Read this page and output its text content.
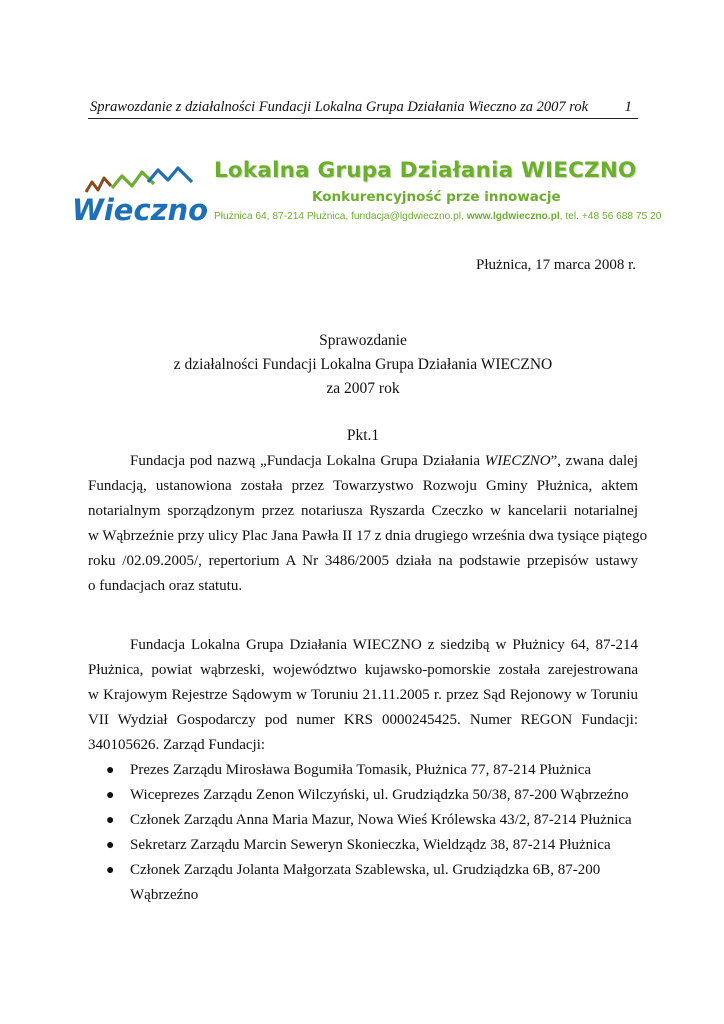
Sprawozdanie z działalności Fundacji Lokalna Grupa Działania Wieczno za 2007 rok 1
Wieczno
Lokalna Grupa Działania WIECZNO
Konkurencyjność prze innowacje
Płużnica 64, 87-214 Płużnica, fundacja@lgdwieczno.pl, www.lgdwieczno.pl, tel. +48 56 688 75 20
Płużnica, 17 marca 2008 r.
Sprawozdanie
z działalności Fundacji Lokalna Grupa Działania WIECZNO
za 2007 rok
Pkt.1
Fundacja pod nazwą „Fundacja Lokalna Grupa Działania WIECZNO”, zwana dalej
Fundacją, ustanowiona została przez Towarzystwo Rozwoju Gminy Płużnica, aktem
notarialnym sporządzonym przez notariusza Ryszarda Czeczko w kancelarii notarialnej
w Wąbrzeźnie przy ulicy Plac Jana Pawła II 17 z dnia drugiego września dwa tysiące piątego
roku /02.09.2005/, repertorium A Nr 3486/2005 działa na podstawie przepisów ustawy
o fundacjach oraz statutu.
Fundacja Lokalna Grupa Działania WIECZNO z siedzibą w Płużnicy 64, 87-214
Płużnica, powiat wąbrzeski, województwo kujawsko-pomorskie została zarejestrowana
w Krajowym Rejestrze Sądowym w Toruniu 21.11.2005 r. przez Sąd Rejonowy w Toruniu
VII Wydział Gospodarczy pod numer KRS 0000245425. Numer REGON Fundacji:
340105626. Zarząd Fundacji:
● Prezes Zarządu Mirosława Bogumiła Tomasik, Płużnica 77, 87-214 Płużnica
● Wiceprezes Zarządu Zenon Wilczyński, ul. Grudziądzka 50/38, 87-200 Wąbrzeźno
● Członek Zarządu Anna Maria Mazur, Nowa Wieś Królewska 43/2, 87-214 Płużnica
● Sekretarz Zarządu Marcin Seweryn Skonieczka, Wieldządz 38, 87-214 Płużnica
● Członek Zarządu Jolanta Małgorzata Szablewska, ul. Grudziądzka 6B, 87-200
Wąbrzeźno
